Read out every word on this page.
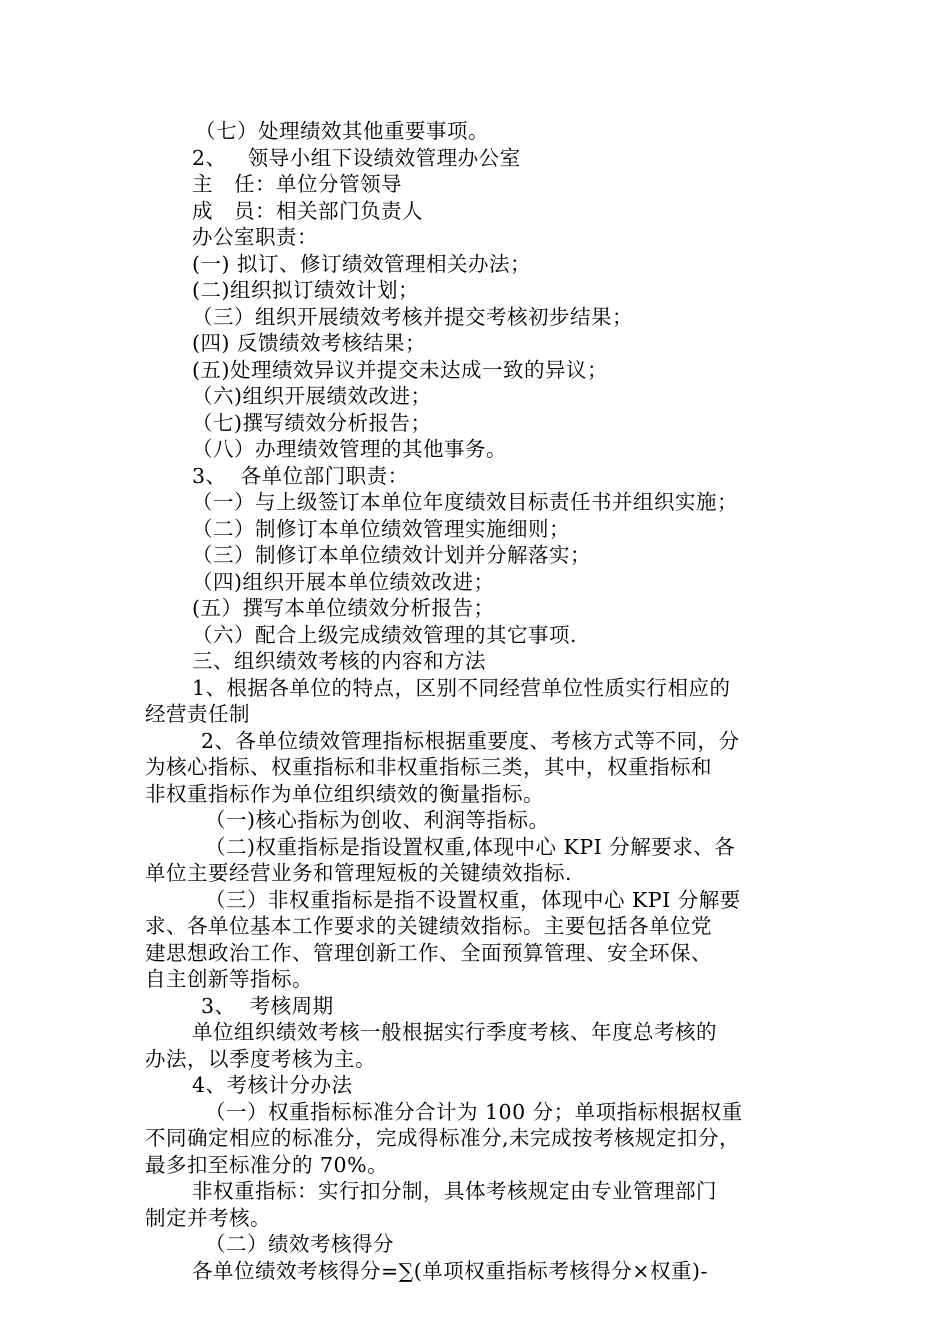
（七）处理绩效其他重要事项。
2、   领导小组下设绩效管理办公室
主   任：单位分管领导
成   员：相关部门负责人
办公室职责：
(一) 拟订、修订绩效管理相关办法；
(二)组织拟订绩效计划；
（三）组织开展绩效考核并提交考核初步结果；
(四) 反馈绩效考核结果；
(五)处理绩效异议并提交未达成一致的异议；
（六)组织开展绩效改进；
（七)撰写绩效分析报告；
（八）办理绩效管理的其他事务。
3、  各单位部门职责：
（一）与上级签订本单位年度绩效目标责任书并组织实施；
（二）制修订本单位绩效管理实施细则；
（三）制修订本单位绩效计划并分解落实；
（四)组织开展本单位绩效改进；
(五）撰写本单位绩效分析报告；
（六）配合上级完成绩效管理的其它事项.
三、组织绩效考核的内容和方法
1、根据各单位的特点，区别不同经营单位性质实行相应的
经营责任制
2、各单位绩效管理指标根据重要度、考核方式等不同，分
为核心指标、权重指标和非权重指标三类，其中，权重指标和
非权重指标作为单位组织绩效的衡量指标。
（一)核心指标为创收、利润等指标。
（二)权重指标是指设置权重,体现中心 KPI 分解要求、各
单位主要经营业务和管理短板的关键绩效指标.
（三）非权重指标是指不设置权重，体现中心 KPI 分解要
求、各单位基本工作要求的关键绩效指标。主要包括各单位党
建思想政治工作、管理创新工作、全面预算管理、安全环保、
自主创新等指标。
3、  考核周期
单位组织绩效考核一般根据实行季度考核、年度总考核的
办法，以季度考核为主。
4、考核计分办法
（一）权重指标标准分合计为 100 分；单项指标根据权重
不同确定相应的标准分，完成得标准分,未完成按考核规定扣分，
最多扣至标准分的 70%。
非权重指标：实行扣分制，具体考核规定由专业管理部门
制定并考核。
（二）绩效考核得分
各单位绩效考核得分=∑(单项权重指标考核得分×权重)-
